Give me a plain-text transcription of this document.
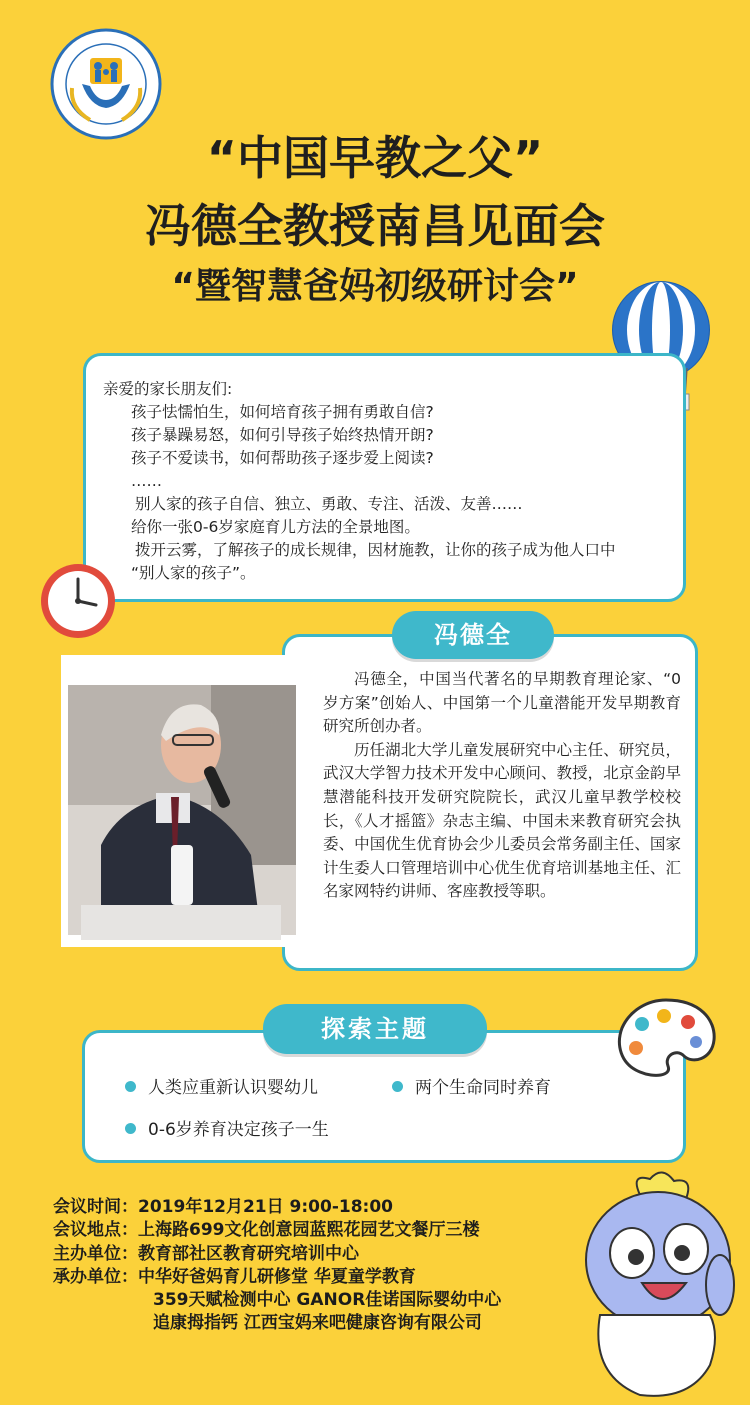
“中国早教之父”
冯德全教授南昌见面会
“暨智慧爸妈初级研讨会”
亲爱的家长朋友们:
孩子怯懦怕生，如何培育孩子拥有勇敢自信?
孩子暴躁易怒，如何引导孩子始终热情开朗?
孩子不爱读书，如何帮助孩子逐步爱上阅读?
……
别人家的孩子自信、独立、勇敢、专注、活泼、友善……
给你一张0-6岁家庭育儿方法的全景地图。
拨开云雾，了解孩子的成长规律，因材施教，让你的孩子成为他人口中
“别人家的孩子”。
冯德全
冯德全，中国当代著名的早期教育理论家、“0岁方案”创始人、中国第一个儿童潜能开发早期教育研究所创办者。
历任湖北大学儿童发展研究中心主任、研究员，武汉大学智力技术开发中心顾问、教授，北京金韵早慧潜能科技开发研究院院长，武汉儿童早教学校校长，《人才摇篮》杂志主编、中国未来教育研究会执委、中国优生优育协会少儿委员会常务副主任、国家计生委人口管理培训中心优生优育培训基地主任、汇名家网特约讲师、客座教授等职。
探索主题
人类应重新认识婴幼儿	两个生命同时养育
0-6岁养育决定孩子一生
会议时间：2019年12月21日 9:00-18:00
会议地点：上海路699文化创意园蓝熙花园艺文餐厅三楼
主办单位：教育部社区教育研究培训中心
承办单位：中华好爸妈育儿研修堂 华夏童学教育
359天赋检测中心 GANOR佳诺国际婴幼中心
追康拇指钙 江西宝妈来吧健康咨询有限公司
